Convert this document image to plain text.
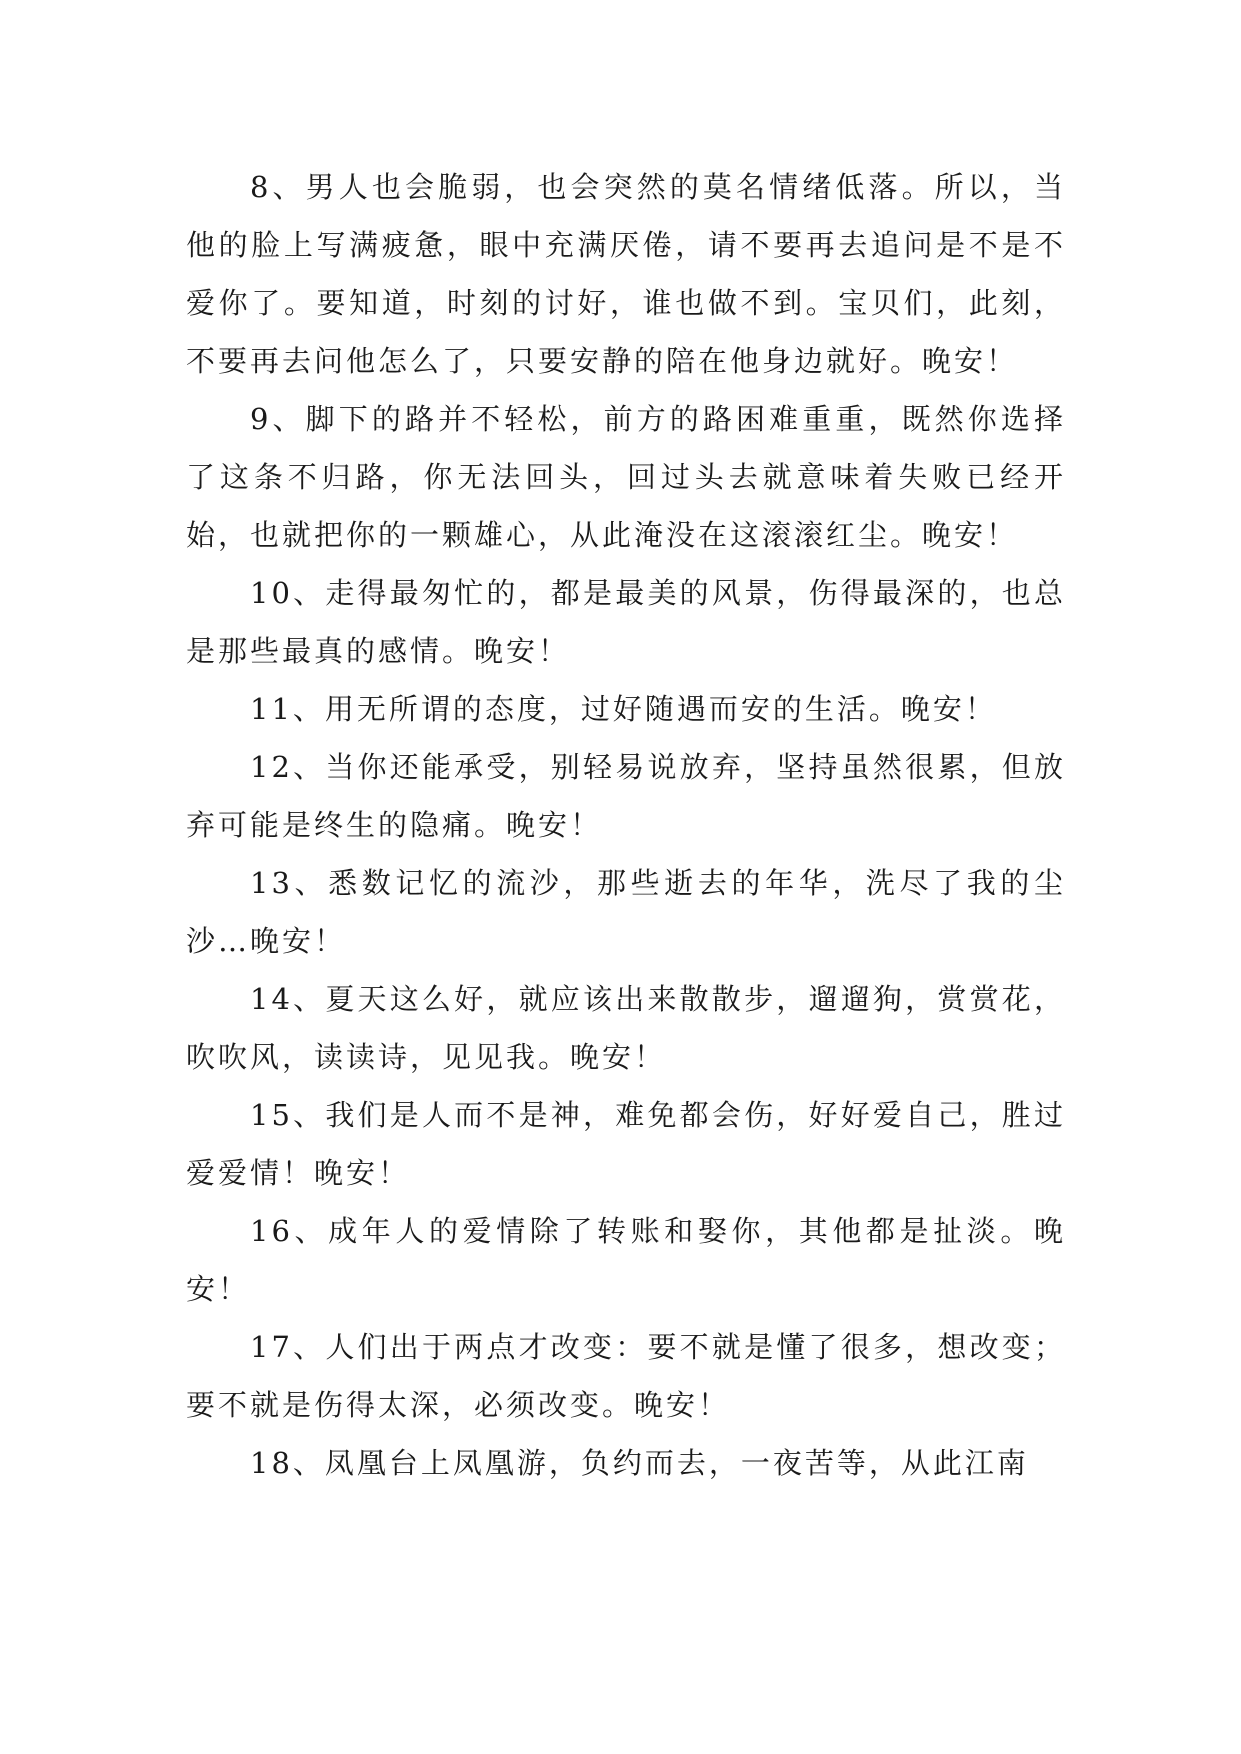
8、男人也会脆弱，也会突然的莫名情绪低落。所以，当他的脸上写满疲惫，眼中充满厌倦，请不要再去追问是不是不爱你了。要知道，时刻的讨好，谁也做不到。宝贝们，此刻，不要再去问他怎么了，只要安静的陪在他身边就好。晚安！

9、脚下的路并不轻松，前方的路困难重重，既然你选择了这条不归路，你无法回头，回过头去就意味着失败已经开始，也就把你的一颗雄心，从此淹没在这滚滚红尘。晚安！

10、走得最匆忙的，都是最美的风景，伤得最深的，也总是那些最真的感情。晚安！

11、用无所谓的态度，过好随遇而安的生活。晚安！

12、当你还能承受，别轻易说放弃，坚持虽然很累，但放弃可能是终生的隐痛。晚安！

13、悉数记忆的流沙，那些逝去的年华，洗尽了我的尘沙…晚安！

14、夏天这么好，就应该出来散散步，遛遛狗，赏赏花，吹吹风，读读诗，见见我。晚安！

15、我们是人而不是神，难免都会伤，好好爱自己，胜过爱爱情！晚安！

16、成年人的爱情除了转账和娶你，其他都是扯淡。晚安！

17、人们出于两点才改变：要不就是懂了很多，想改变；要不就是伤得太深，必须改变。晚安！

18、凤凰台上凤凰游，负约而去，一夜苦等，从此江南
